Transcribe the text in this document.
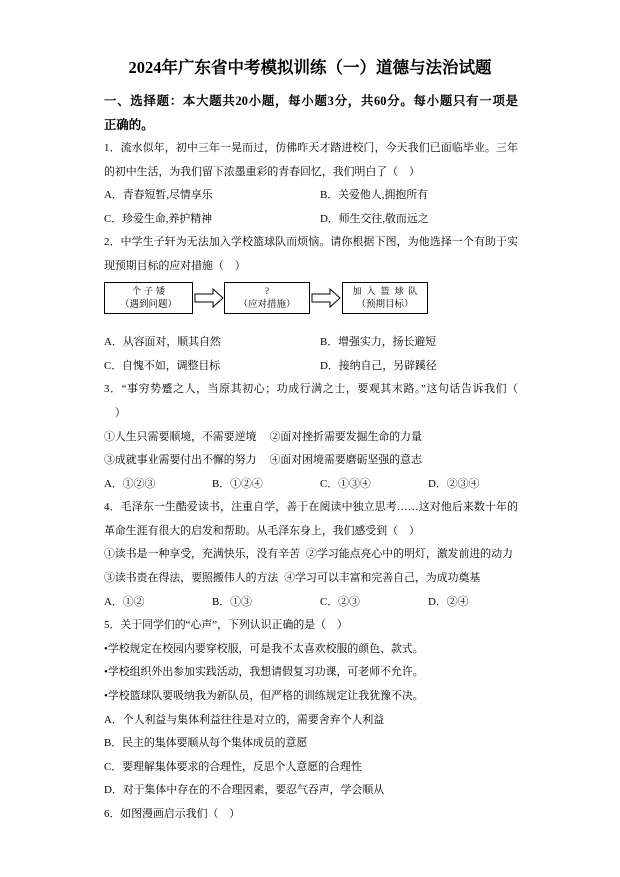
2024年广东省中考模拟训练（一）道德与法治试题
一、选择题：本大题共20小题，每小题3分，共60分。每小题只有一项是
正确的。
1．流水似年，初中三年一晃而过，仿佛昨天才踏进校门，今天我们已面临毕业。三年
的初中生活，为我们留下浓墨重彩的青春回忆，我们明白了（　）
A．青春短暂,尽情享乐	B．关爱他人,拥抱所有
C．珍爱生命,养护精神	D．师生交往,敬而远之
2．中学生子轩为无法加入学校篮球队而烦恼。请你根据下图，为他选择一个有助于实
现预期目标的应对措施（　）
个子矮
（遇到问题）
?
（应对措施）
加入篮球队
（预期目标）
A．从容面对，顺其自然	B．增强实力，扬长避短
C．自愧不如，调整目标	D．接纳自己，另辟蹊径
3．“事穷势蹙之人，当原其初心；功成行满之士，要观其末路。”这句话告诉我们（
　）
①人生只需要顺境，不需要逆境 ②面对挫折需要发掘生命的力量
③成就事业需要付出不懈的努力 ④面对困境需要磨砺坚强的意志
A．①②③	B．①②④	C．①③④	D．②③④
4．毛泽东一生酷爱读书，注重自学，善于在阅读中独立思考……这对他后来数十年的
革命生涯有很大的启发和帮助。从毛泽东身上，我们感受到（　）
①读书是一种享受，充满快乐，没有辛苦 ②学习能点亮心中的明灯，激发前进的动力
③读书贵在得法，要照搬伟人的方法 ④学习可以丰富和完善自己，为成功奠基
A．①②	B．①③	C．②③	D．②④
5．关于同学们的“心声”，下列认识正确的是（　）
•学校规定在校园内要穿校服，可是我不太喜欢校服的颜色、款式。
•学校组织外出参加实践活动，我想请假复习功课，可老师不允许。
•学校篮球队要吸纳我为新队员，但严格的训练规定让我犹豫不决。
A．个人利益与集体利益往往是对立的，需要舍弃个人利益
B．民主的集体要顺从每个集体成员的意愿
C．要理解集体要求的合理性，反思个人意愿的合理性
D．对于集体中存在的不合理因素，要忍气吞声，学会顺从
6．如图漫画启示我们（　）
